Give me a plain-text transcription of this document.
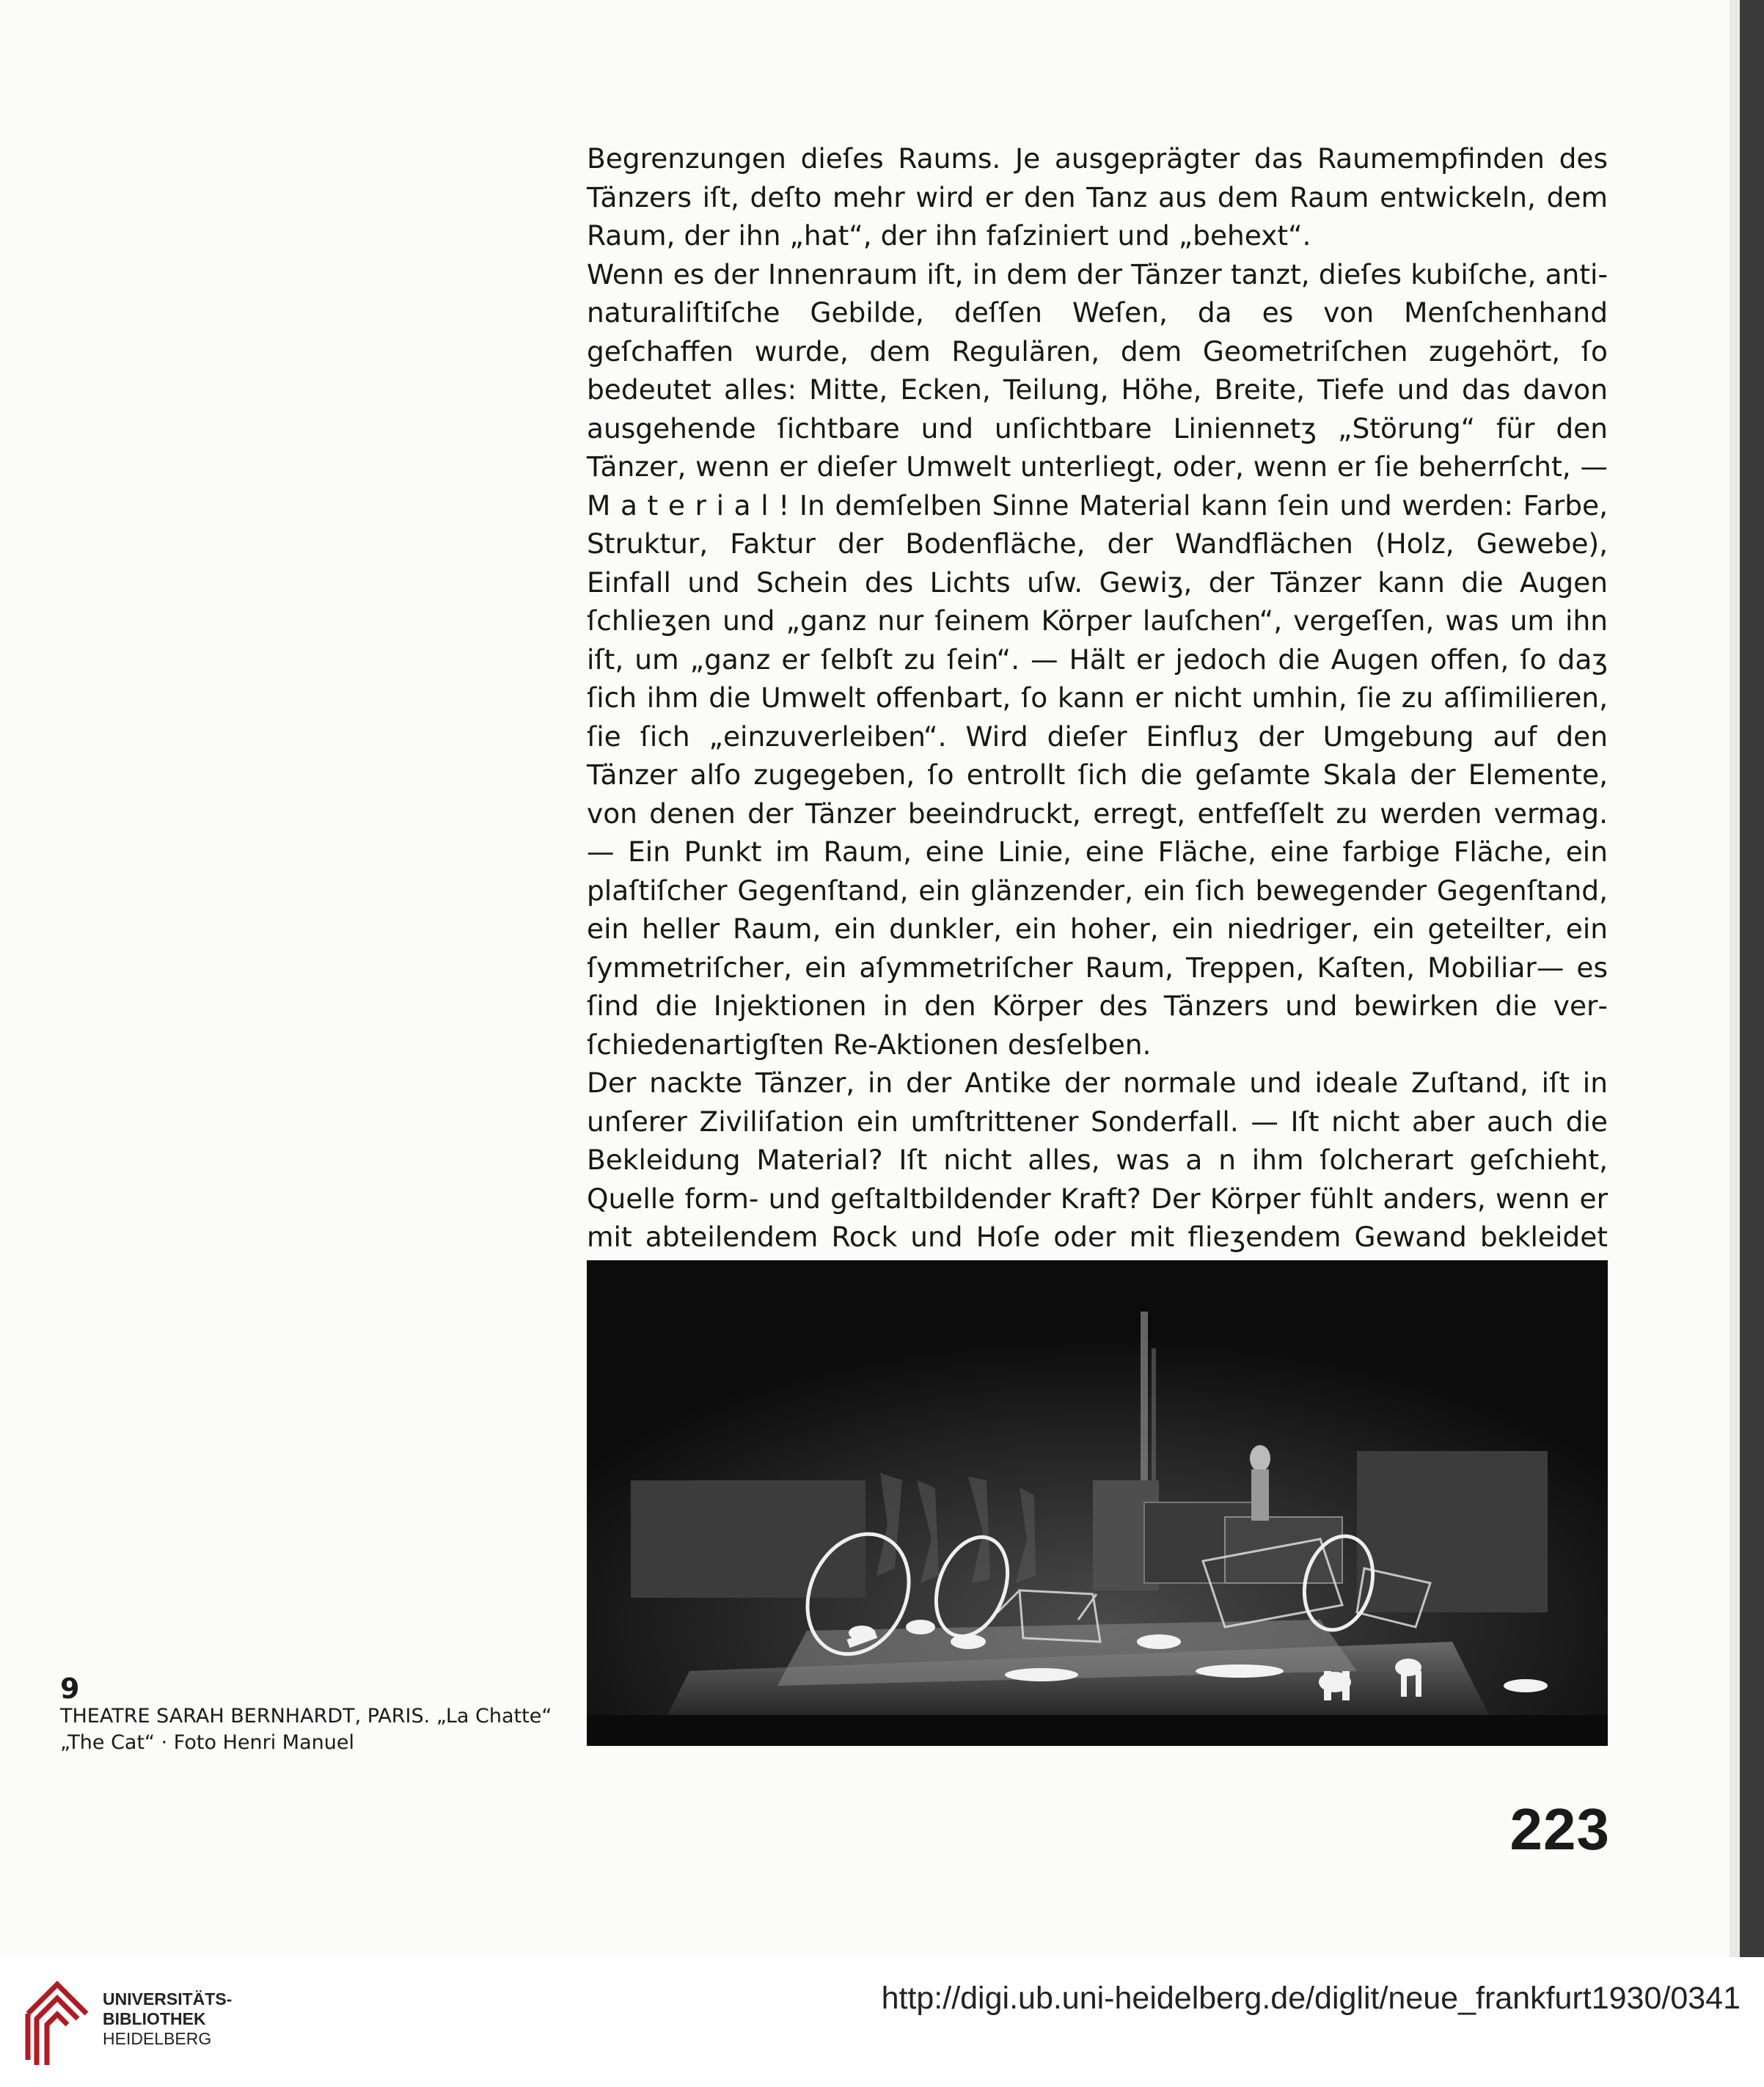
Begrenzungen dieſes Raums. Je ausgeprägter das Raumempfinden des Tänzers iſt, deſto mehr wird er den Tanz aus dem Raum entwickeln, dem Raum, der ihn „hat“, der ihn faſziniert und „behext“.

Wenn es der Innenraum iſt, in dem der Tänzer tanzt, dieſes kubiſche, antinaturaliſtiſche Gebilde, deſſen Weſen, da es von Menſchenhand geſchaffen wurde, dem Regulären, dem Geometriſchen zugehört, ſo bedeutet alles: Mitte, Ecken, Teilung, Höhe, Breite, Tiefe und das davon ausgehende ſichtbare und unſichtbare Liniennetʒ „Störung“ für den Tänzer, wenn er dieſer Umwelt unterliegt, oder, wenn er ſie beherrſcht, — M a t e r i a l ! In demſelben Sinne Material kann ſein und werden: Farbe, Struktur, Faktur der Bodenfläche, der Wandflächen (Holz, Gewebe), Einfall und Schein des Lichts uſw. Gewiʒ, der Tänzer kann die Augen ſchlieʒen und „ganz nur ſeinem Körper lauſchen“, vergeſſen, was um ihn iſt, um „ganz er ſelbſt zu ſein“. — Hält er jedoch die Augen offen, ſo daʒ ſich ihm die Umwelt offenbart, ſo kann er nicht umhin, ſie zu aſſimilieren, ſie ſich „einzuverleiben“. Wird dieſer Einfluʒ der Umgebung auf den Tänzer alſo zugegeben, ſo entrollt ſich die geſamte Skala der Elemente, von denen der Tänzer beeindruckt, erregt, entfeſſelt zu werden vermag. — Ein Punkt im Raum, eine Linie, eine Fläche, eine farbige Fläche, ein plaſtiſcher Gegenſtand, ein glänzender, ein ſich bewegender Gegenſtand, ein heller Raum, ein dunkler, ein hoher, ein niedriger, ein geteilter, ein ſymmetriſcher, ein aſymmetriſcher Raum, Treppen, Kaſten, Mobiliar— es ſind die Injektionen in den Körper des Tänzers und bewirken die verſchiedenartigſten Re-Aktionen desſelben.

Der nackte Tänzer, in der Antike der normale und ideale Zuſtand, iſt in unſerer Ziviliſation ein umſtrittener Sonderfall. — Iſt nicht aber auch die Bekleidung Material? Iſt nicht alles, was a n ihm ſolcherart geſchieht, Quelle form- und geſtaltbildender Kraft? Der Körper fühlt anders, wenn er mit abteilendem Rock und Hoſe oder mit flieʒendem Gewand bekleidet

9
THEATRE SARAH BERNHARDT, PARIS. „La Chatte“
„The Cat“ · Foto Henri Manuel
223
UNIVERSITÄTS-
BIBLIOTHEK
HEIDELBERG
http://digi.ub.uni-heidelberg.de/diglit/neue_frankfurt1930/0341
